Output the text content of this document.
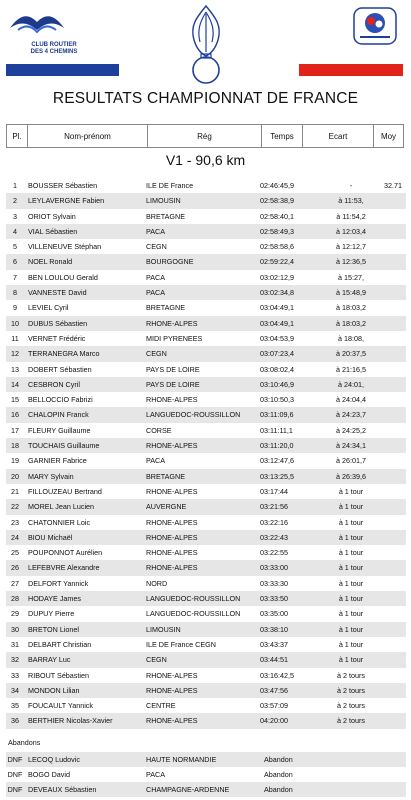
CLUB ROUTIER
DES 4 CHEMINS
RESULTATS CHAMPIONNAT DE FRANCE
Pl.	Nom-prénom	Rég	Temps	Ecart	Moy
V1 - 90,6 km
1	BOUSSER Sébastien	ILE DE France	02:46:45,9	-	32.71
2	LEYLAVERGNE Fabien	LIMOUSIN	02:58:38,9	à 11:53,
3	ORIOT Sylvain	BRETAGNE	02:58:40,1	à 11:54,2
4	VIAL Sébastien	PACA	02:58:49,3	à 12:03,4
5	VILLENEUVE Stéphan	CEGN	02:58:58,6	à 12:12,7
6	NOEL Ronald	BOURGOGNE	02:59:22,4	à 12:36,5
7	BEN LOULOU Gerald	PACA	03:02:12,9	à 15:27,
8	VANNESTE David	PACA	03:02:34,8	à 15:48,9
9	LEVIEL Cyril	BRETAGNE	03:04:49,1	à 18:03,2
10	DUBUS Sébastien	RHONE-ALPES	03:04:49,1	à 18:03,2
11	VERNET Frédéric	MIDI PYRENEES	03:04:53,9	à 18:08,
12	TERRANEGRA Marco	CEGN	03:07:23,4	à 20:37,5
13	DOBERT Sébastien	PAYS DE LOIRE	03:08:02,4	à 21:16,5
14	CESBRON Cyril	PAYS DE LOIRE	03:10:46,9	à 24:01,
15	BELLOCCIO Fabrizi	RHONE-ALPES	03:10:50,3	à 24:04,4
16	CHALOPIN Franck	LANGUEDOC-ROUSSILLON	03:11:09,6	à 24:23,7
17	FLEURY Guillaume	CORSE	03:11:11,1	à 24:25,2
18	TOUCHAIS Guillaume	RHONE-ALPES	03:11:20,0	à 24:34,1
19	GARNIER Fabrice	PACA	03:12:47,6	à 26:01,7
20	MARY Sylvain	BRETAGNE	03:13:25,5	à 26:39,6
21	FILLOUZEAU Bertrand	RHONE-ALPES	03:17:44	à 1 tour
22	MOREL Jean Lucien	AUVERGNE	03:21:56	à 1 tour
23	CHATONNIER Loic	RHONE-ALPES	03:22:16	à 1 tour
24	BIOU Michaël	RHONE-ALPES	03:22:43	à 1 tour
25	POUPONNOT Aurélien	RHONE-ALPES	03:22:55	à 1 tour
26	LEFEBVRE Alexandre	RHONE-ALPES	03:33:00	à 1 tour
27	DELFORT Yannick	NORD	03:33:30	à 1 tour
28	HODAYE James	LANGUEDOC-ROUSSILLON	03:33:50	à 1 tour
29	DUPUY Pierre	LANGUEDOC-ROUSSILLON	03:35:00	à 1 tour
30	BRETON Lionel	LIMOUSIN	03:38:10	à 1 tour
31	DELBART Christian	ILE DE France CEGN	03:43:37	à 1 tour
32	BARRAY Luc	CEGN	03:44:51	à 1 tour
33	RIBOUT Sébastien	RHONE-ALPES	03:16:42,5	à 2 tours
34	MONDON Lilian	RHONE-ALPES	03:47:56	à 2 tours
35	FOUCAULT Yannick	CENTRE	03:57:09	à 2 tours
36	BERTHIER Nicolas-Xavier	RHONE-ALPES	04:20:00	à 2 tours
Abandons
DNF LECOQ Ludovic	HAUTE NORMANDIE	Abandon
DNF BOGO David	PACA	Abandon
DNF DEVEAUX Sébastien	CHAMPAGNE-ARDENNE	Abandon
